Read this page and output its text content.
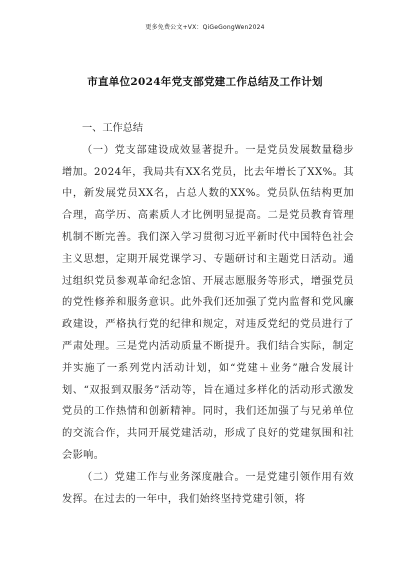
更多免费公文+VX：QiGeGongWen2024
市直单位2024年党支部党建工作总结及工作计划

一、工作总结

（一）党支部建设成效显著提升。一是党员发展数量稳步增加。2024年，我局共有XX名党员，比去年增长了XX%。其中，新发展党员XX名，占总人数的XX%。党员队伍结构更加合理，高学历、高素质人才比例明显提高。二是党员教育管理机制不断完善。我们深入学习贯彻习近平新时代中国特色社会主义思想，定期开展党课学习、专题研讨和主题党日活动。通过组织党员参观革命纪念馆、开展志愿服务等形式，增强党员的党性修养和服务意识。此外我们还加强了党内监督和党风廉政建设，严格执行党的纪律和规定，对违反党纪的党员进行了严肃处理。三是党内活动质量不断提升。我们结合实际，制定并实施了一系列党内活动计划，如“党建＋业务”融合发展计划、“双报到双服务”活动等，旨在通过多样化的活动形式激发党员的工作热情和创新精神。同时，我们还加强了与兄弟单位的交流合作，共同开展党建活动，形成了良好的党建氛围和社会影响。

（二）党建工作与业务深度融合。一是党建引领作用有效发挥。在过去的一年中，我们始终坚持党建引领，将
